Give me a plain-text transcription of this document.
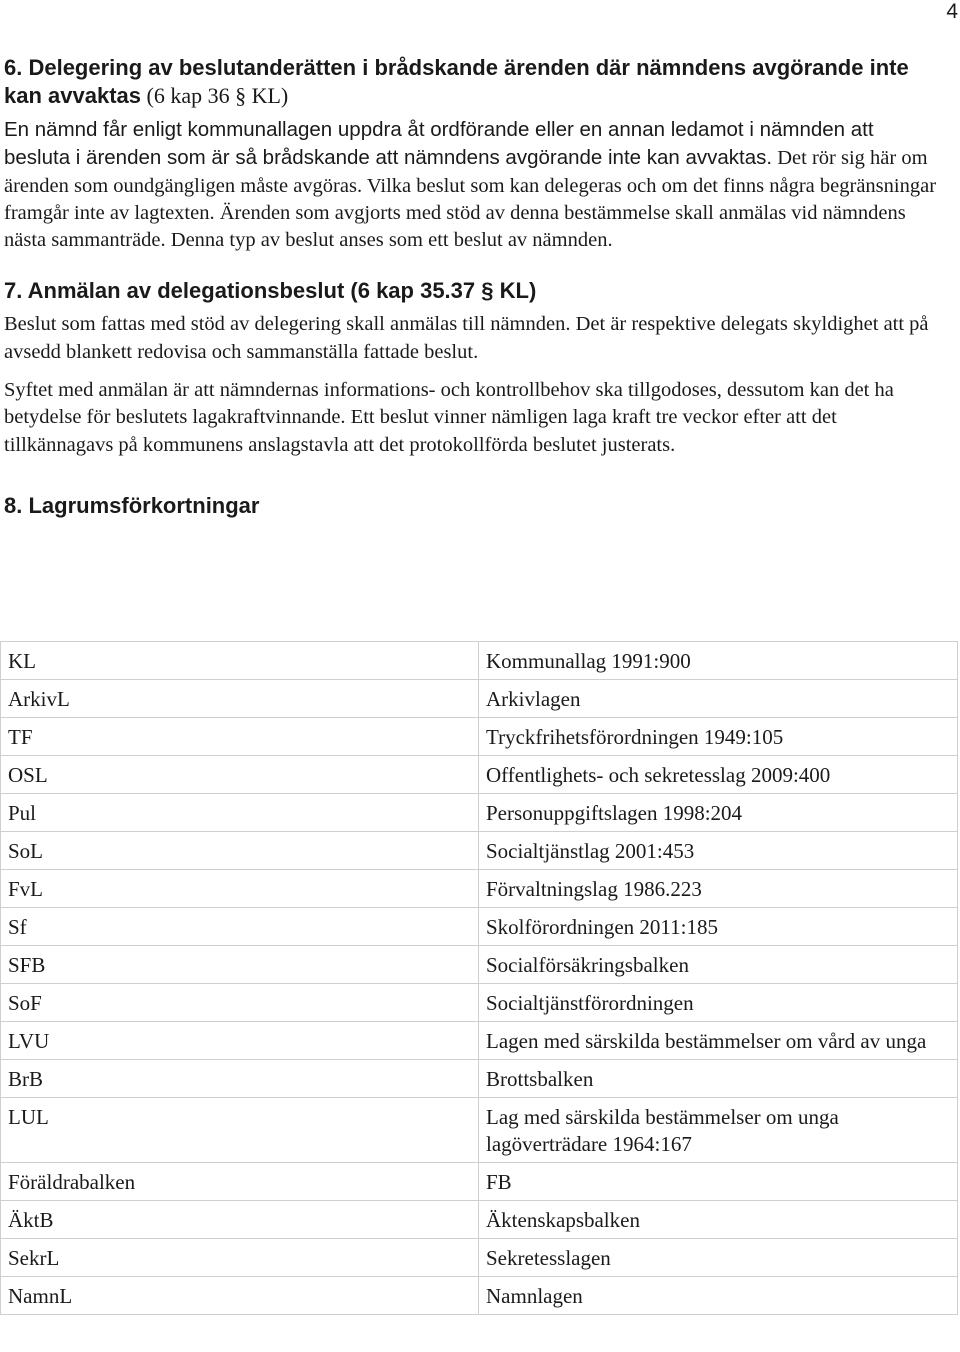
4
6. Delegering av beslutanderätten i brådskande ärenden där nämndens avgörande inte kan avvaktas (6 kap 36 § KL)

En nämnd får enligt kommunallagen uppdra åt ordförande eller en annan ledamot i nämnden att besluta i ärenden som är så brådskande att nämndens avgörande inte kan avvaktas. Det rör sig här om ärenden som oundgängligen måste avgöras. Vilka beslut som kan delegeras och om det finns några begränsningar framgår inte av lagtexten. Ärenden som avgjorts med stöd av denna bestämmelse skall anmälas vid nämndens nästa sammanträde. Denna typ av beslut anses som ett beslut av nämnden.

7. Anmälan av delegationsbeslut (6 kap 35.37 § KL)

Beslut som fattas med stöd av delegering skall anmälas till nämnden. Det är respektive delegats skyldighet att på avsedd blankett redovisa och sammanställa fattade beslut.

Syftet med anmälan är att nämndernas informations- och kontrollbehov ska tillgodoses, dessutom kan det ha betydelse för beslutets lagakraftvinnande. Ett beslut vinner nämligen laga kraft tre veckor efter att det tillkännagavs på kommunens anslagstavla att det protokollförda beslutet justerats.

8. Lagrumsförkortningar
KL	Kommunallag 1991:900
ArkivL	Arkivlagen
TF	Tryckfrihetsförordningen 1949:105
OSL	Offentlighets- och sekretesslag 2009:400
Pul	Personuppgiftslagen 1998:204
SoL	Socialtjänstlag 2001:453
FvL	Förvaltningslag 1986.223
Sf	Skolförordningen 2011:185
SFB	Socialförsäkringsbalken
SoF	Socialtjänstförordningen
LVU	Lagen med särskilda bestämmelser om vård av unga
BrB	Brottsbalken
LUL	Lag med särskilda bestämmelser om unga lagöverträdare 1964:167
Föräldrabalken	FB
ÄktB	Äktenskapsbalken
SekrL	Sekretesslagen
NamnL	Namnlagen
